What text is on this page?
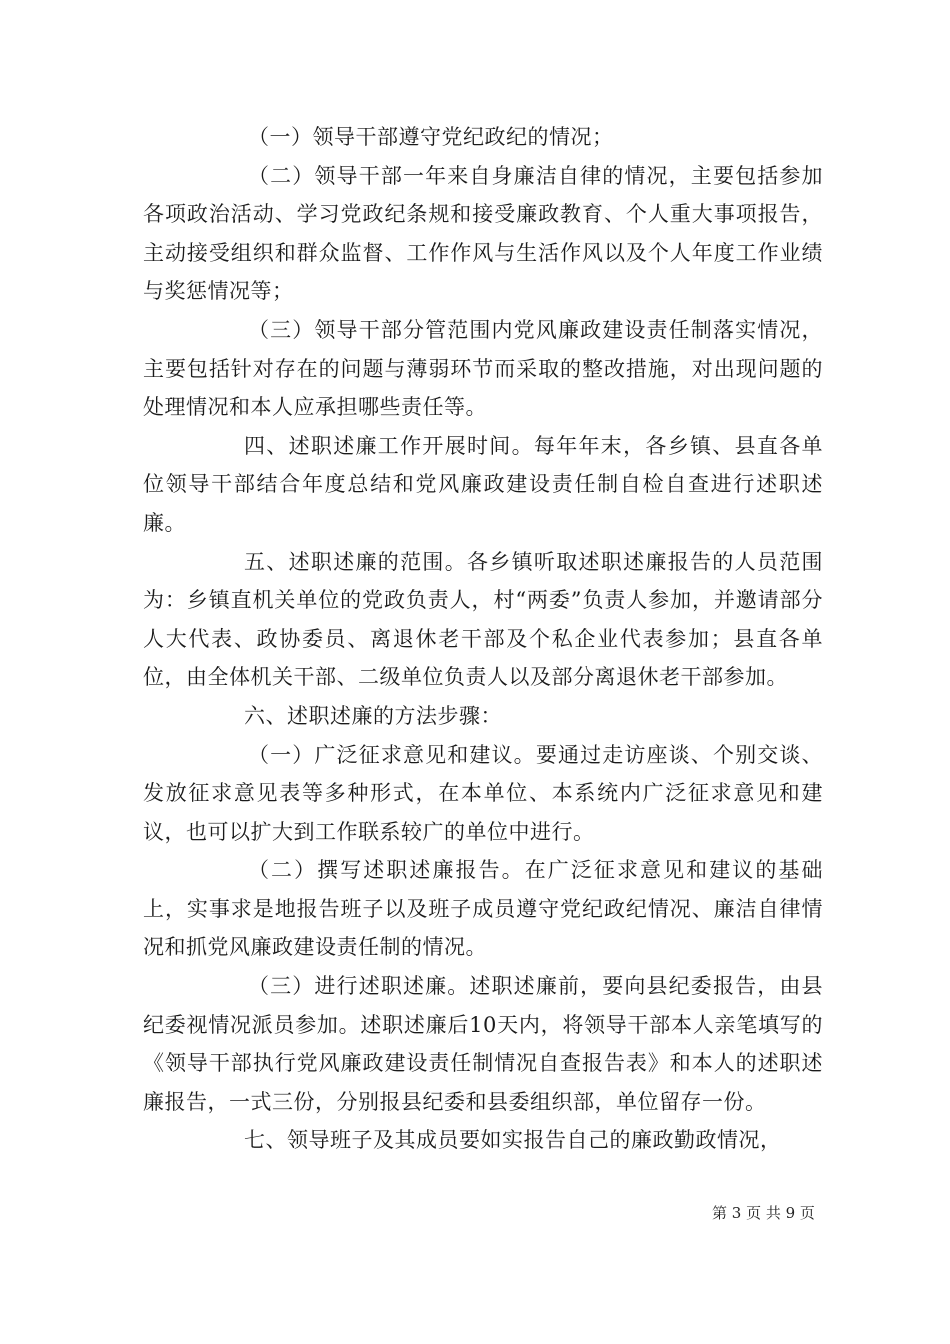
（一）领导干部遵守党纪政纪的情况；

（二）领导干部一年来自身廉洁自律的情况，主要包括参加各项政治活动、学习党政纪条规和接受廉政教育、个人重大事项报告，主动接受组织和群众监督、工作作风与生活作风以及个人年度工作业绩与奖惩情况等；

（三）领导干部分管范围内党风廉政建设责任制落实情况，主要包括针对存在的问题与薄弱环节而采取的整改措施，对出现问题的处理情况和本人应承担哪些责任等。

四、述职述廉工作开展时间。每年年末，各乡镇、县直各单位领导干部结合年度总结和党风廉政建设责任制自检自查进行述职述廉。

五、述职述廉的范围。各乡镇听取述职述廉报告的人员范围为：乡镇直机关单位的党政负责人，村“两委”负责人参加，并邀请部分人大代表、政协委员、离退休老干部及个私企业代表参加；县直各单位，由全体机关干部、二级单位负责人以及部分离退休老干部参加。

六、述职述廉的方法步骤：

（一）广泛征求意见和建议。要通过走访座谈、个别交谈、发放征求意见表等多种形式，在本单位、本系统内广泛征求意见和建议，也可以扩大到工作联系较广的单位中进行。

（二）撰写述职述廉报告。在广泛征求意见和建议的基础上，实事求是地报告班子以及班子成员遵守党纪政纪情况、廉洁自律情况和抓党风廉政建设责任制的情况。

（三）进行述职述廉。述职述廉前，要向县纪委报告，由县纪委视情况派员参加。述职述廉后10天内，将领导干部本人亲笔填写的《领导干部执行党风廉政建设责任制情况自查报告表》和本人的述职述廉报告，一式三份，分别报县纪委和县委组织部，单位留存一份。

七、领导班子及其成员要如实报告自己的廉政勤政情况，

第 3 页 共 9 页
